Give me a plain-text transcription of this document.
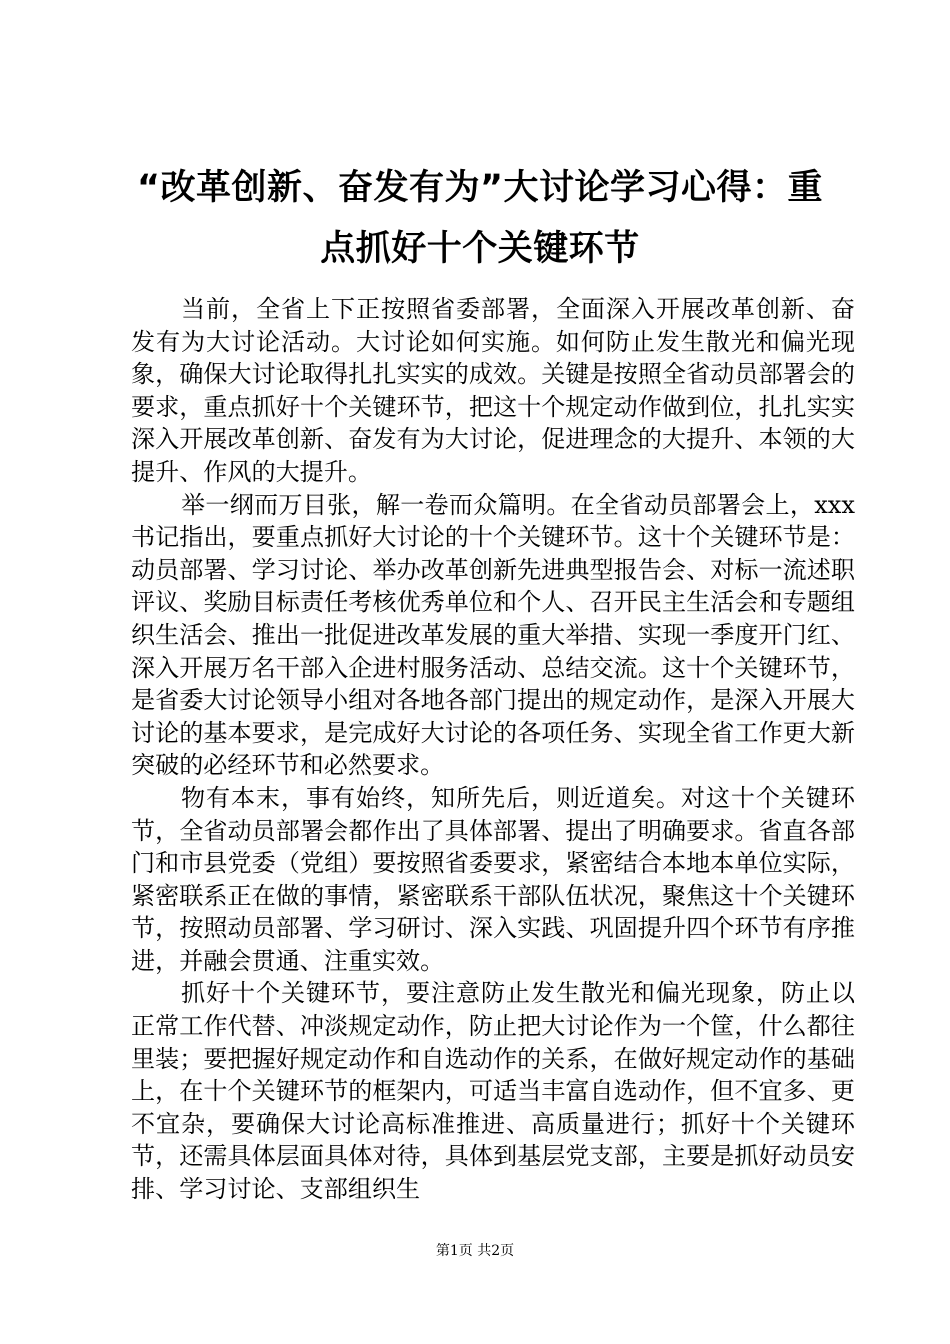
“改革创新、奋发有为”大讨论学习心得：重
点抓好十个关键环节

当前，全省上下正按照省委部署，全面深入开展改革创新、奋发有为大讨论活动。大讨论如何实施。如何防止发生散光和偏光现象，确保大讨论取得扎扎实实的成效。关键是按照全省动员部署会的要求，重点抓好十个关键环节，把这十个规定动作做到位，扎扎实实深入开展改革创新、奋发有为大讨论，促进理念的大提升、本领的大提升、作风的大提升。

举一纲而万目张，解一卷而众篇明。在全省动员部署会上，xxx书记指出，要重点抓好大讨论的十个关键环节。这十个关键环节是：动员部署、学习讨论、举办改革创新先进典型报告会、对标一流述职评议、奖励目标责任考核优秀单位和个人、召开民主生活会和专题组织生活会、推出一批促进改革发展的重大举措、实现一季度开门红、深入开展万名干部入企进村服务活动、总结交流。这十个关键环节，是省委大讨论领导小组对各地各部门提出的规定动作，是深入开展大讨论的基本要求，是完成好大讨论的各项任务、实现全省工作更大新突破的必经环节和必然要求。

物有本末，事有始终，知所先后，则近道矣。对这十个关键环节，全省动员部署会都作出了具体部署、提出了明确要求。省直各部门和市县党委（党组）要按照省委要求，紧密结合本地本单位实际，紧密联系正在做的事情，紧密联系干部队伍状况，聚焦这十个关键环节，按照动员部署、学习研讨、深入实践、巩固提升四个环节有序推进，并融会贯通、注重实效。

抓好十个关键环节，要注意防止发生散光和偏光现象，防止以正常工作代替、冲淡规定动作，防止把大讨论作为一个筐，什么都往里装；要把握好规定动作和自选动作的关系，在做好规定动作的基础上，在十个关键环节的框架内，可适当丰富自选动作，但不宜多、更不宜杂，要确保大讨论高标准推进、高质量进行；抓好十个关键环节，还需具体层面具体对待，具体到基层党支部，主要是抓好动员安排、学习讨论、支部组织生

第1页 共2页
